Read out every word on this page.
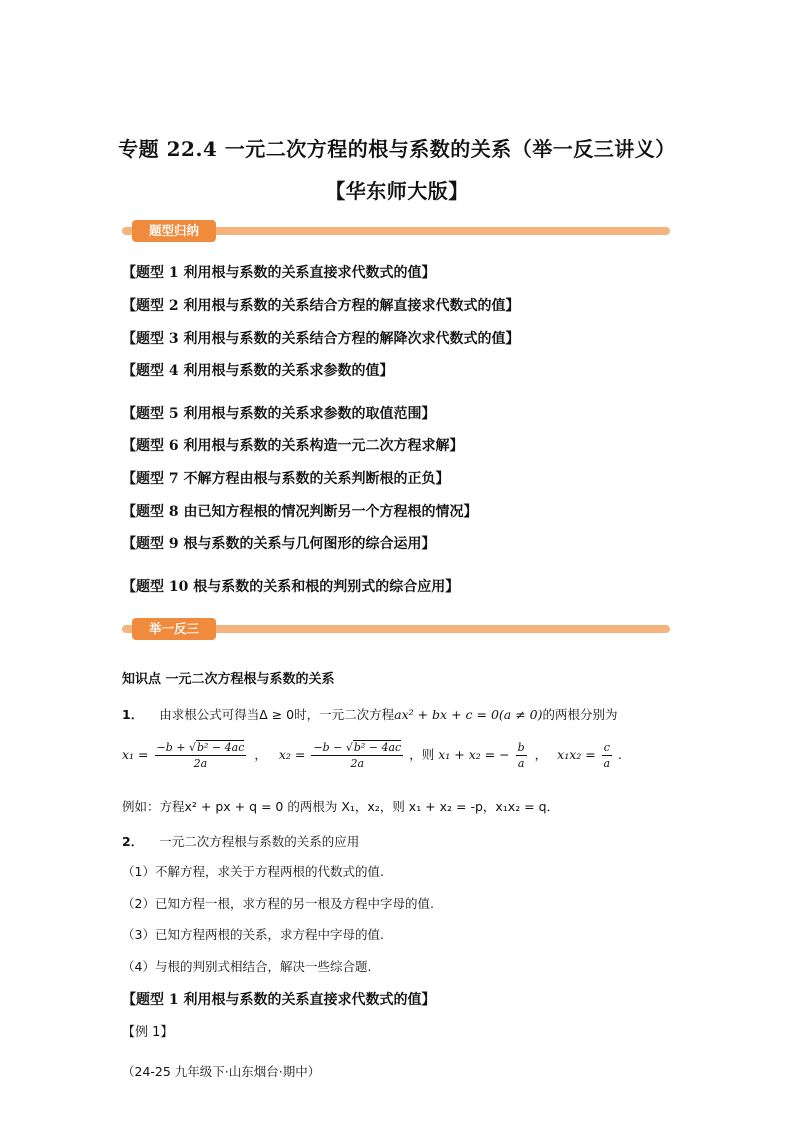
专题 22.4 一元二次方程的根与系数的关系（举一反三讲义）
【华东师大版】
题型归纳
【题型 1 利用根与系数的关系直接求代数式的值】
【题型 2 利用根与系数的关系结合方程的解直接求代数式的值】
【题型 3 利用根与系数的关系结合方程的解降次求代数式的值】
【题型 4 利用根与系数的关系求参数的值】
【题型 5 利用根与系数的关系求参数的取值范围】
【题型 6 利用根与系数的关系构造一元二次方程求解】
【题型 7 不解方程由根与系数的关系判断根的正负】
【题型 8 由已知方程根的情况判断另一个方程根的情况】
【题型 9 根与系数的关系与几何图形的综合运用】
【题型 10 根与系数的关系和根的判别式的综合应用】
举一反三
知识点 一元二次方程根与系数的关系
1． 由求根公式可得当Δ ≥ 0时，一元二次方程ax² + bx + c = 0(a ≠ 0)的两根分别为
$x_1 = \frac{\text{−b + √b² − 4ac}}{2a}$ ， $x_2 = \frac{\text{−b − √b² − 4ac}}{2a}$ ，则 x₁ + x₂ = − $\frac{b}{a}$ ， $x_1x_2 = \frac{c}{a}$ .
例如：方程x² + px + q = 0 的两根为 X₁，x₂，则 x₁ + x₂ = -p，x₁x₂ = q．
2． 一元二次方程根与系数的关系的应用
（1）不解方程，求关于方程两根的代数式的值.
（2）已知方程一根，求方程的另一根及方程中字母的值.
（3）已知方程两根的关系，求方程中字母的值.
（4）与根的判别式相结合，解决一些综合题.
【题型 1 利用根与系数的关系直接求代数式的值】
【例 1】
（24-25 九年级下·山东烟台·期中）
